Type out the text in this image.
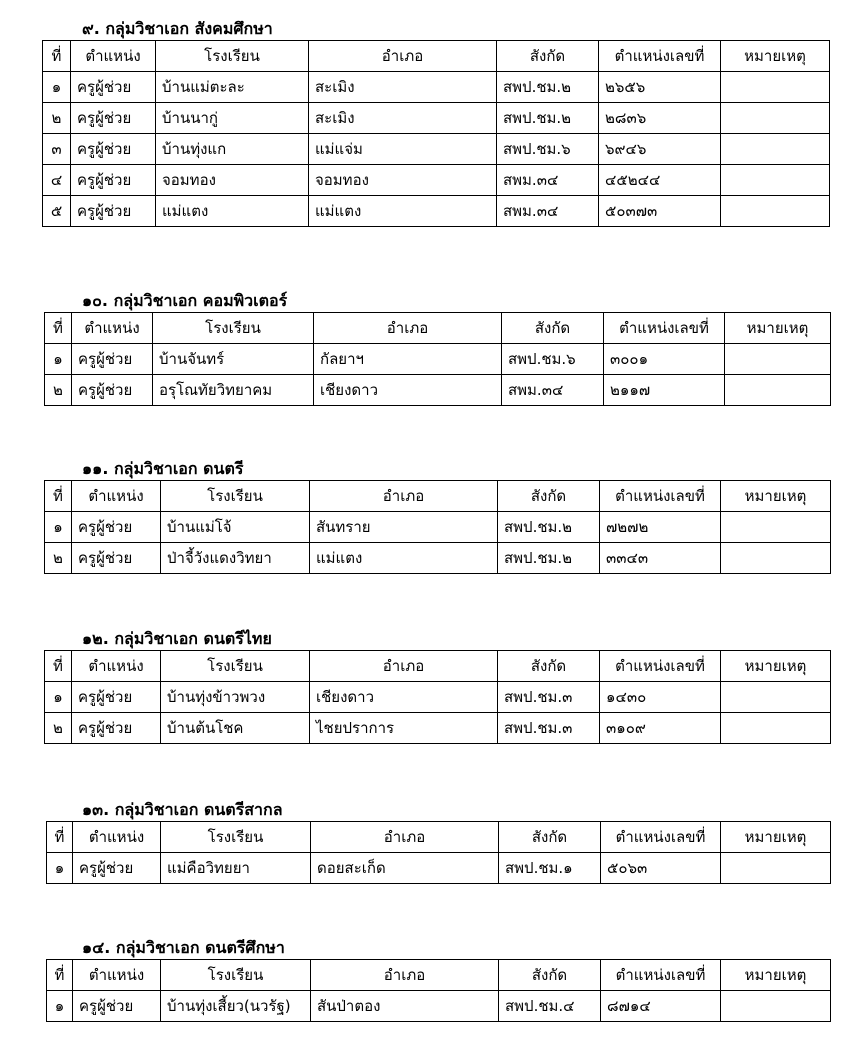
๙. กลุ่มวิชาเอก สังคมศึกษา
ที่	ตำแหน่ง	โรงเรียน	อำเภอ	สังกัด	ตำแหน่งเลขที่	หมายเหตุ
๑	ครูผู้ช่วย	บ้านแม่ตะละ	สะเมิง	สพป.ชม.๒	๒๖๕๖	
๒	ครูผู้ช่วย	บ้านนากู่	สะเมิง	สพป.ชม.๒	๒๘๓๖	
๓	ครูผู้ช่วย	บ้านทุ่งแก	แม่แจ่ม	สพป.ชม.๖	๖๙๔๖	
๔	ครูผู้ช่วย	จอมทอง	จอมทอง	สพม.๓๔	๔๕๒๔๔	
๕	ครูผู้ช่วย	แม่แตง	แม่แตง	สพม.๓๔	๕๐๓๗๓	
๑๐. กลุ่มวิชาเอก คอมพิวเตอร์
ที่	ตำแหน่ง	โรงเรียน	อำเภอ	สังกัด	ตำแหน่งเลขที่	หมายเหตุ
๑	ครูผู้ช่วย	บ้านจันทร์	กัลยาฯ	สพป.ชม.๖	๓๐๐๑	
๒	ครูผู้ช่วย	อรุโณทัยวิทยาคม	เชียงดาว	สพม.๓๔	๒๑๑๗	
๑๑. กลุ่มวิชาเอก ดนตรี
ที่	ตำแหน่ง	โรงเรียน	อำเภอ	สังกัด	ตำแหน่งเลขที่	หมายเหตุ
๑	ครูผู้ช่วย	บ้านแม่โจ้	สันทราย	สพป.ชม.๒	๗๒๗๒	
๒	ครูผู้ช่วย	ป่าจี้วังแดงวิทยา	แม่แตง	สพป.ชม.๒	๓๓๔๓	
๑๒. กลุ่มวิชาเอก ดนตรีไทย
ที่	ตำแหน่ง	โรงเรียน	อำเภอ	สังกัด	ตำแหน่งเลขที่	หมายเหตุ
๑	ครูผู้ช่วย	บ้านทุ่งข้าวพวง	เชียงดาว	สพป.ชม.๓	๑๔๓๐	
๒	ครูผู้ช่วย	บ้านต้นโชค	ไชยปราการ	สพป.ชม.๓	๓๑๐๙	
๑๓. กลุ่มวิชาเอก ดนตรีสากล
ที่	ตำแหน่ง	โรงเรียน	อำเภอ	สังกัด	ตำแหน่งเลขที่	หมายเหตุ
๑	ครูผู้ช่วย	แม่คือวิทยยา	ดอยสะเก็ด	สพป.ชม.๑	๕๐๖๓	
๑๔. กลุ่มวิชาเอก ดนตรีศึกษา
ที่	ตำแหน่ง	โรงเรียน	อำเภอ	สังกัด	ตำแหน่งเลขที่	หมายเหตุ
๑	ครูผู้ช่วย	บ้านทุ่งเสี้ยว(นวรัฐ)	สันป่าตอง	สพป.ชม.๔	๘๗๑๔	
